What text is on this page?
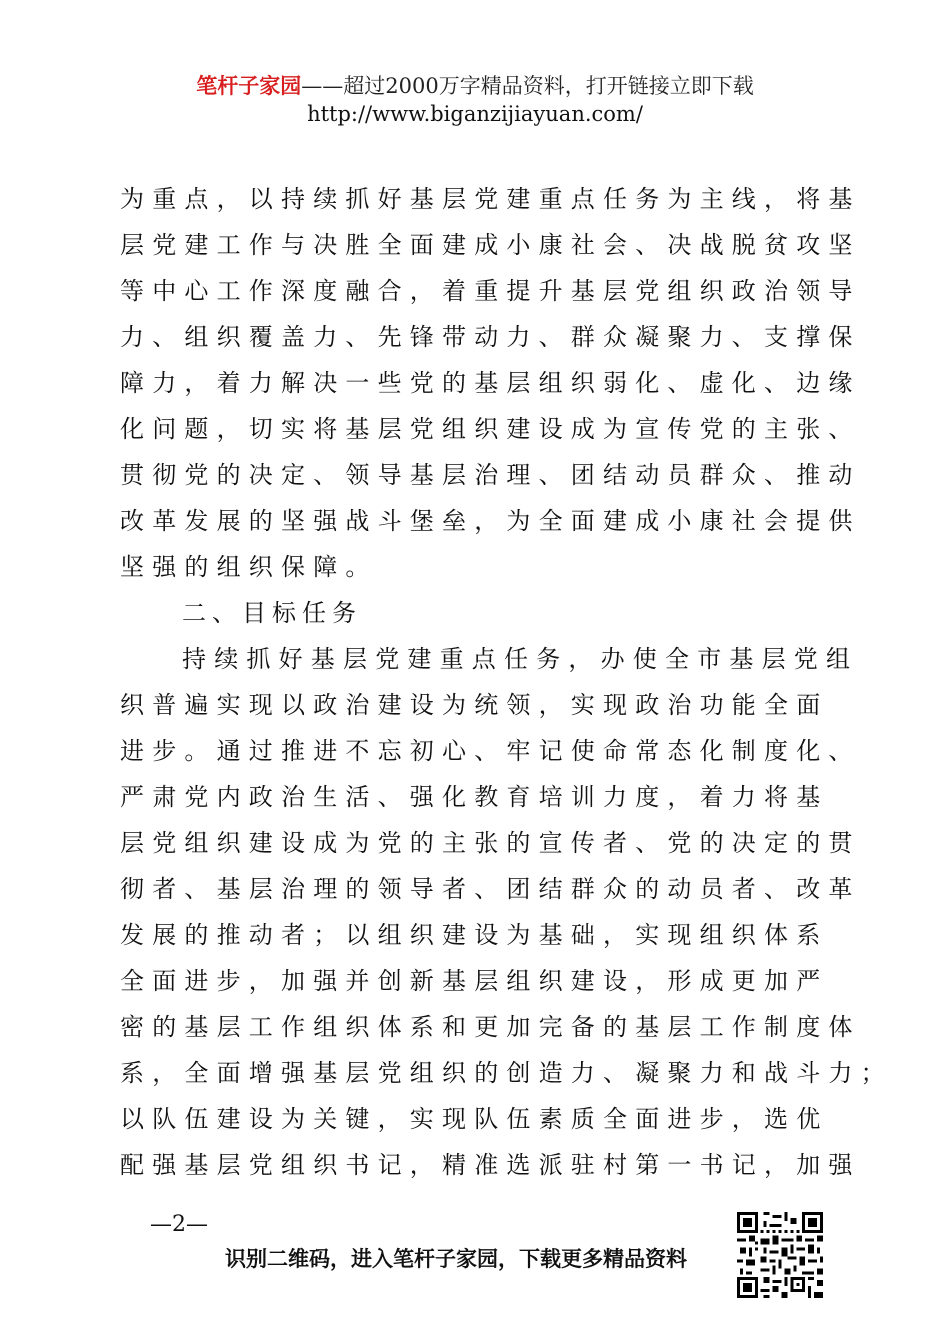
笔杆子家园——超过2000万字精品资料，打开链接立即下载
http://www.biganzijiayuan.com/
为重点，以持续抓好基层党建重点任务为主线，将基
层党建工作与决胜全面建成小康社会、决战脱贫攻坚
等中心工作深度融合，着重提升基层党组织政治领导
力、组织覆盖力、先锋带动力、群众凝聚力、支撑保
障力，着力解决一些党的基层组织弱化、虚化、边缘
化问题，切实将基层党组织建设成为宣传党的主张、
贯彻党的决定、领导基层治理、团结动员群众、推动
改革发展的坚强战斗堡垒，为全面建成小康社会提供
坚强的组织保障。
二、目标任务
持续抓好基层党建重点任务，办使全市基层党组
织普遍实现以政治建设为统领，实现政治功能全面
进步。通过推进不忘初心、牢记使命常态化制度化、
严肃党内政治生活、强化教育培训力度，着力将基
层党组织建设成为党的主张的宣传者、党的决定的贯
彻者、基层治理的领导者、团结群众的动员者、改革
发展的推动者；以组织建设为基础，实现组织体系
全面进步，加强并创新基层组织建设，形成更加严
密的基层工作组织体系和更加完备的基层工作制度体
系，全面增强基层党组织的创造力、凝聚力和战斗力；
以队伍建设为关键，实现队伍素质全面进步，选优
配强基层党组织书记，精准选派驻村第一书记，加强
—2—
识别二维码，进入笔杆子家园，下载更多精品资料
